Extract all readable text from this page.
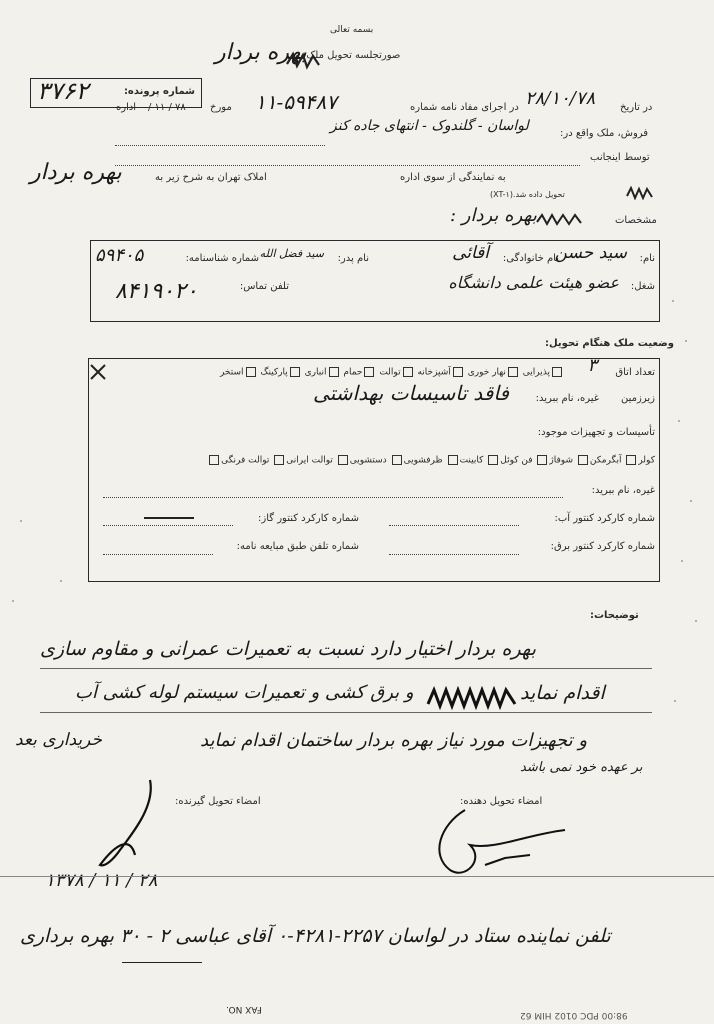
بسمه تعالی
صورتجلسه تحویل ملک به
بهره بردار
شماره پرونده:
۳۷۶۲
در تاریخ
۲۸/۱۰/۷۸
در اجرای مفاد نامه شماره
۱۱-۵۹۴۸۷
مورخ
/ ۱۱ / ۷۸
اداره
فروش، ملک واقع در:
لواسان - گلندوک - انتهای جاده کنز
توسط اینجانب
به نمایندگی از سوی اداره
املاک تهران به شرح زیر به
بهره بردار
تحویل داده شد.(XT-۱)
مشخصات
بهره بردار :
نام:
سید حسن
نام خانوادگی:
آقائی
نام پدر:
سید فضل الله
شماره شناسنامه:
۵۹۴۰۵
شغل:
عضو هیئت علمی دانشگاه
تلفن تماس:
۸۴۱۹۰۲۰
وضعیت ملک هنگام تحویل:
تعداد اتاق
۳
پذیرایی نهار خوری آشپزخانه توالت حمام انباری پارکینگ استخر
زیرزمین
غیره، نام ببرید:
فاقد تاسیسات بهداشتی
تأسیسات و تجهیزات موجود:
کولر آبگرمکن شوفاژ فن کوئل کابینت ظرفشویی دستشویی توالت ایرانی توالت فرنگی
غیره، نام ببرید:
شماره کارکرد کنتور آب:
شماره کارکرد کنتور گاز:
شماره کارکرد کنتور برق:
شماره تلفن طبق مبایعه نامه:
توضیحات:
بهره بردار اختیار دارد نسبت به تعمیرات عمرانی و مقاوم سازی
اقدام نماید
و برق کشی و تعمیرات سیستم لوله کشی آب
و تجهیزات مورد نیاز بهره بردار ساختمان اقدام نماید
خریداری بعد
بر عهده خود نمی باشد
امضاء تحویل گیرنده:	امضاء تحویل دهنده:
۱۳۷۸ / ۱۱ / ۲۸
تلفن نماینده ستاد در لواسان ۲۲۵۷-۴۲۸۱-۰ آقای عباسی ۲ - ۳۰ بهره برداری
FAX NO.
98:00 PDC 0102 HIM 62
